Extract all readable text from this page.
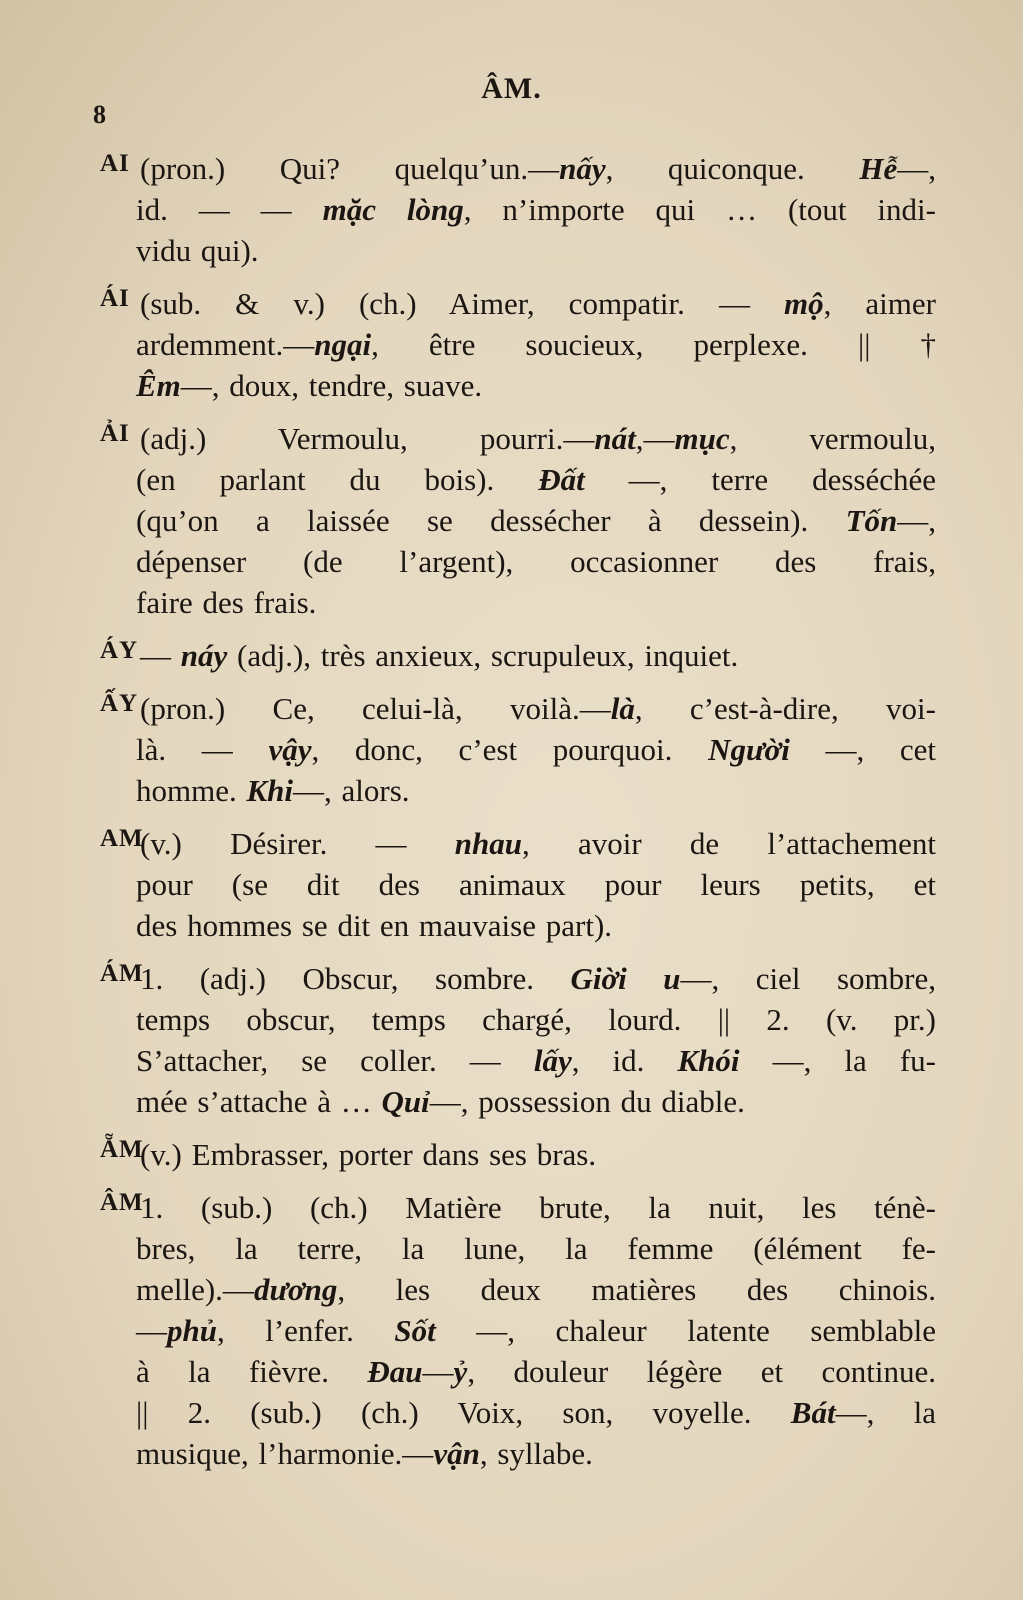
ÂM.
8
AI (pron.) Qui? quelqu’un.—nấy, quiconque. Hễ—,
id. — — mặc lòng, n’importe qui … (tout indi-
vidu qui).
ÁI (sub. & v.) (ch.) Aimer, compatir. — mộ, aimer
ardemment.—ngại, être soucieux, perplexe. || †
Êm—, doux, tendre, suave.
ẢI (adj.) Vermoulu, pourri.—nát,—mục, vermoulu,
(en parlant du bois). Đất —, terre desséchée
(qu’on a laissée se dessécher à dessein). Tốn—,
dépenser (de l’argent), occasionner des frais,
faire des frais.
ÁY — náy (adj.), très anxieux, scrupuleux, inquiet.
ẤY (pron.) Ce, celui-là, voilà.—là, c’est-à-dire, voi-
là. — vậy, donc, c’est pourquoi. Người —, cet
homme. Khi—, alors.
AM
(v.) Désirer. — nhau, avoir de l’attachement
pour (se dit des animaux pour leurs petits, et
des hommes se dit en mauvaise part).
ÁM
1. (adj.) Obscur, sombre. Giời u—, ciel sombre,
temps obscur, temps chargé, lourd. || 2. (v. pr.)
S’attacher, se coller. — lấy, id. Khói —, la fu-
mée s’attache à … Quỉ—, possession du diable.
ẴM
(v.) Embrasser, porter dans ses bras.
ÂM
1. (sub.) (ch.) Matière brute, la nuit, les ténè-
bres, la terre, la lune, la femme (élément fe-
melle).—dương, les deux matières des chinois.
—phủ, l’enfer. Sốt —, chaleur latente semblable
à la fièvre. Đau—ỷ, douleur légère et continue.
|| 2. (sub.) (ch.) Voix, son, voyelle. Bát—, la
musique, l’harmonie.—vận, syllabe.
